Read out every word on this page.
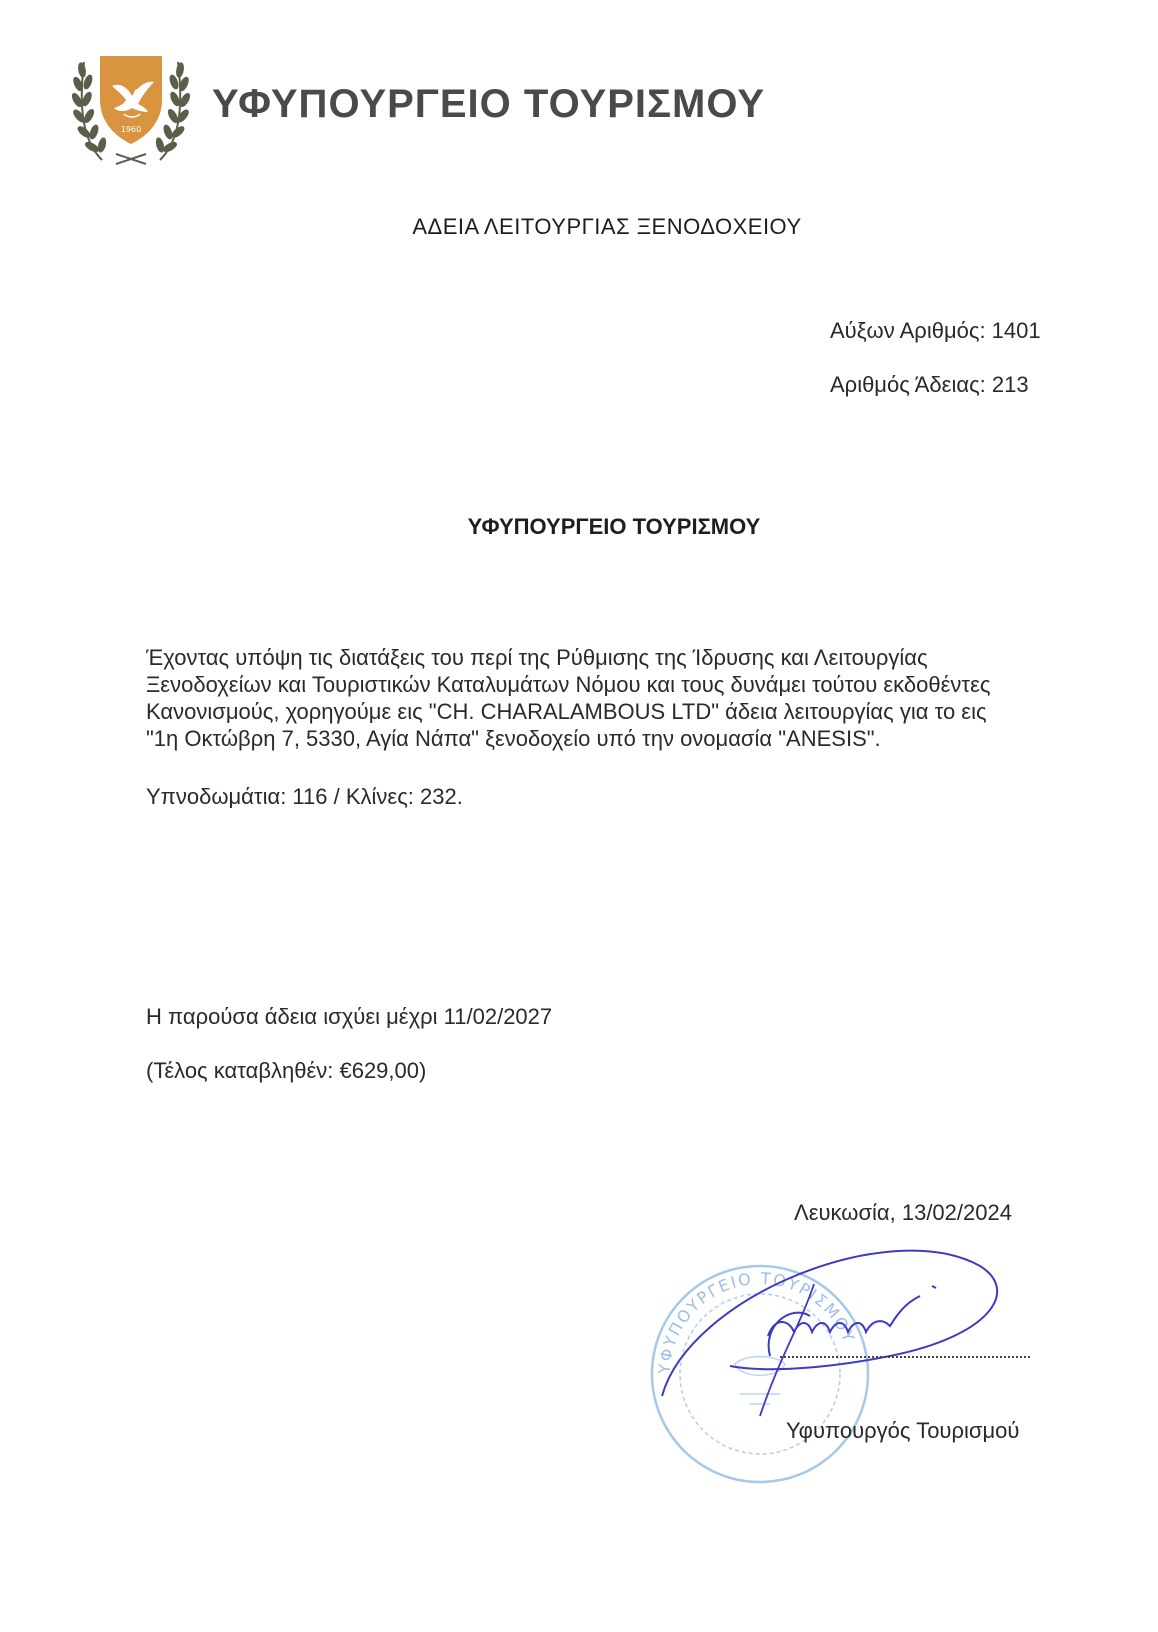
1960
ΥΦΥΠΟΥΡΓΕΙΟ ΤΟΥΡΙΣΜΟΥ
ΑΔΕΙΑ ΛΕΙΤΟΥΡΓΙΑΣ ΞΕΝΟΔΟΧΕΙΟΥ
Αύξων Αριθμός: 1401
Αριθμός Άδειας: 213
ΥΦΥΠΟΥΡΓΕΙΟ ΤΟΥΡΙΣΜΟΥ
Έχοντας υπόψη τις διατάξεις του περί της Ρύθμισης της Ίδρυσης και Λειτουργίας
Ξενοδοχείων και Τουριστικών Καταλυμάτων Νόμου και τους δυνάμει τούτου εκδοθέντες
Κανονισμούς, χορηγούμε εις "CH. CHARALAMBOUS LTD" άδεια λειτουργίας για το εις
"1η Οκτώβρη 7, 5330, Αγία Νάπα" ξενοδοχείο υπό την ονομασία "ANESIS".
Υπνοδωμάτια: 116 / Κλίνες: 232.
Η παρούσα άδεια ισχύει μέχρι 11/02/2027
(Τέλος καταβληθέν: €629,00)
Λευκωσία, 13/02/2024
ΥΦΥΠΟΥΡΓΕΙΟ ΤΟΥΡΙΣΜΟΥ
Υφυπουργός Τουρισμού
